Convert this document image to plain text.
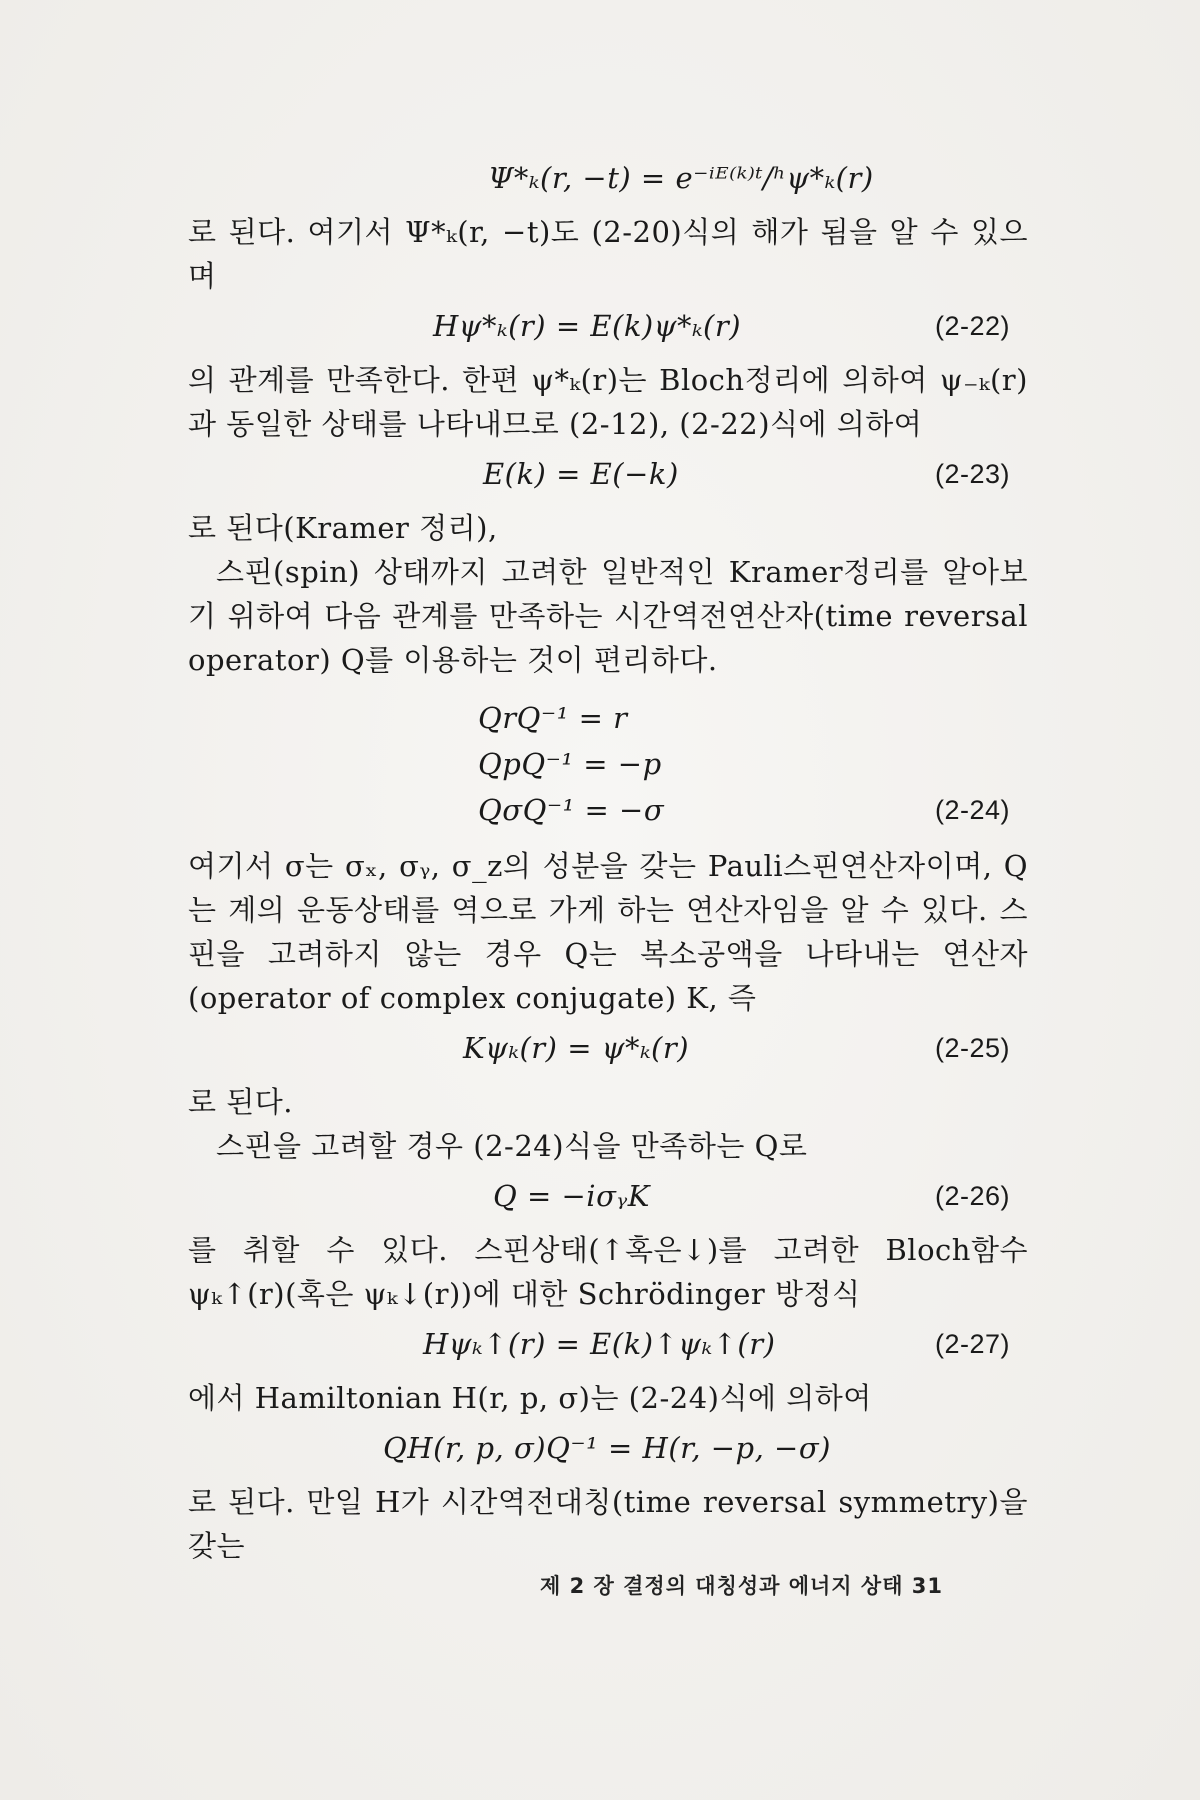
Ψ*ₖ(r, −t) = e⁻ⁱᴱ⁽ᵏ⁾ᵗ/ʰψ*ₖ(r)

로 된다. 여기서 Ψ*ₖ(r, −t)도 (2-20)식의 해가 됨을 알 수 있으며

Hψ*ₖ(r) = E(k)ψ*ₖ(r)	(2-22)

의 관계를 만족한다. 한편 ψ*ₖ(r)는 Bloch정리에 의하여 ψ₋ₖ(r)과 동일한 상태를 나타내므로 (2-12), (2-22)식에 의하여

E(k) = E(−k)	(2-23)

로 된다(Kramer 정리),

스핀(spin) 상태까지 고려한 일반적인 Kramer정리를 알아보기 위하여 다음 관계를 만족하는 시간역전연산자(time reversal operator) Q를 이용하는 것이 편리하다.

QrQ⁻¹ = r
QpQ⁻¹ = −p
QσQ⁻¹ = −σ	(2-24)

여기서 σ는 σₓ, σᵧ, σ_z의 성분을 갖는 Pauli스핀연산자이며, Q는 계의 운동상태를 역으로 가게 하는 연산자임을 알 수 있다. 스핀을 고려하지 않는 경우 Q는 복소공액을 나타내는 연산자(operator of complex conjugate) K, 즉

Kψₖ(r) = ψ*ₖ(r)	(2-25)

로 된다.

스핀을 고려할 경우 (2-24)식을 만족하는 Q로

Q = −iσᵧK	(2-26)

를 취할 수 있다. 스핀상태(↑혹은↓)를 고려한 Bloch함수 ψₖ↑(r)(혹은 ψₖ↓(r))에 대한 Schrödinger 방정식

Hψₖ↑(r) = E(k)↑ψₖ↑(r)	(2-27)

에서 Hamiltonian H(r, p, σ)는 (2-24)식에 의하여

QH(r, p, σ)Q⁻¹ = H(r, −p, −σ)

로 된다. 만일 H가 시간역전대칭(time reversal symmetry)을 갖는

제 2 장 결정의 대칭성과 에너지 상태 31
